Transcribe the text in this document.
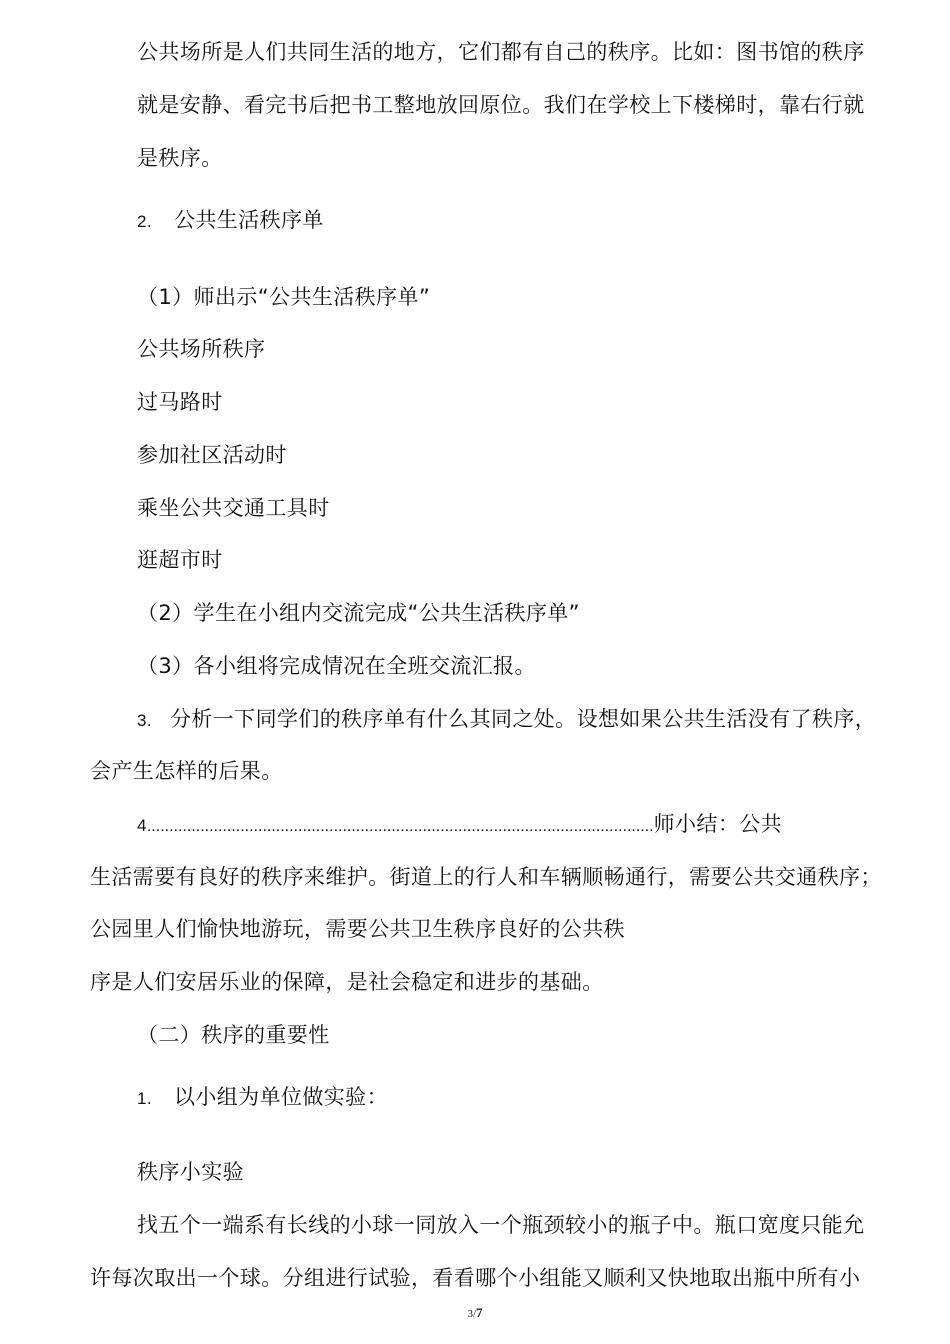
公共场所是人们共同生活的地方，它们都有自己的秩序。比如：图书馆的秩序
就是安静、看完书后把书工整地放回原位。我们在学校上下楼梯时，靠右行就
是秩序。
2. 公共生活秩序单
（1）师出示“公共生活秩序单”
公共场所秩序
过马路时
参加社区活动时
乘坐公共交通工具时
逛超市时
（2）学生在小组内交流完成“公共生活秩序单”
（3）各小组将完成情况在全班交流汇报。
3. 分析一下同学们的秩序单有什么其同之处。设想如果公共生活没有了秩序，
会产生怎样的后果。
4..................................................................................................................师小结：公共
生活需要有良好的秩序来维护。街道上的行人和车辆顺畅通行，需要公共交通秩序；
公园里人们愉快地游玩，需要公共卫生秩序良好的公共秩
序是人们安居乐业的保障，是社会稳定和进步的基础。
（二）秩序的重要性
1. 以小组为单位做实验：
秩序小实验
找五个一端系有长线的小球一同放入一个瓶颈较小的瓶子中。瓶口宽度只能允
许每次取出一个球。分组进行试验，看看哪个小组能又顺利又快地取出瓶中所有小
3/7
